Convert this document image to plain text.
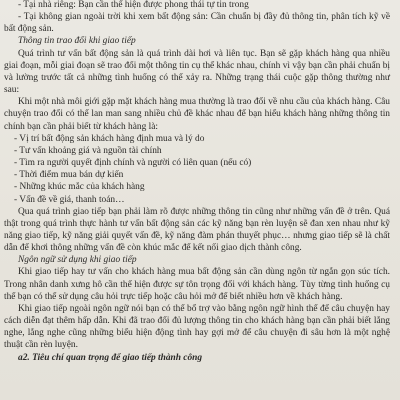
- Tại nhà riêng: Bạn cần thể hiện được phong thái tự tin trong

- Tại không gian ngoài trời khi xem bất động sản: Cần chuẩn bị đầy đủ thông tin, phân tích kỹ về bất động sản.

Thông tin trao đổi khi giao tiếp

Quá trình tư vấn bất động sản là quá trình dài hơi và liên tục. Bạn sẽ gặp khách hàng qua nhiều giai đoạn, mỗi giai đoạn sẽ trao đổi một thông tin cụ thể khác nhau, chính vì vậy bạn cần phải chuẩn bị và lường trước tất cả những tình huống có thể xảy ra. Những trạng thái cuộc gặp thông thường như sau:

Khi một nhà môi giới gặp mặt khách hàng mua thường là trao đổi về nhu cầu của khách hàng. Câu chuyện trao đổi có thể lan man sang nhiều chủ đề khác nhau để bạn hiểu khách hàng những thông tin chính bạn cần phải biết từ khách hàng là:

- Vị trí bất động sản khách hàng định mua và lý do

- Tư vấn khoảng giá và nguồn tài chính

- Tìm ra người quyết định chính và người có liên quan (nếu có)

- Thời điểm mua bán dự kiến

- Những khúc mắc của khách hàng

- Vấn đề về giá, thanh toán…

Qua quá trình giao tiếp bạn phải làm rõ được những thông tin cũng như những vấn đề ở trên. Quá thật trong quá trình thực hành tư vấn bất động sản các kỹ năng bạn rèn luyện sẽ đan xen nhau như kỹ năng giao tiếp, kỹ năng giải quyết vấn đề, kỹ năng đàm phán thuyết phục… nhưng giao tiếp sẽ là chất dẫn để khơi thông những vấn đề còn khúc mắc để kết nối giao dịch thành công.

Ngôn ngữ sử dụng khi giao tiếp

Khi giao tiếp hay tư vấn cho khách hàng mua bất động sản cần dùng ngôn từ ngắn gọn súc tích. Trong nhân danh xưng hô cần thể hiện được sự tôn trọng đối với khách hàng. Tùy từng tình huống cụ thể bạn có thể sử dụng câu hỏi trực tiếp hoặc câu hỏi mở để biết nhiều hơn về khách hàng.

Khi giao tiếp ngoài ngôn ngữ nói bạn có thể bổ trợ vào bằng ngôn ngữ hình thể để câu chuyện hay cách diễn đạt thêm hấp dẫn. Khi đã trao đổi đủ lượng thông tin cho khách hàng bạn cần phải biết lắng nghe, lắng nghe cũng những biểu hiện động tình hay gợi mở để câu chuyện đi sâu hơn là một nghệ thuật cần rèn luyện.

a2. Tiêu chí quan trọng để giao tiếp thành công
